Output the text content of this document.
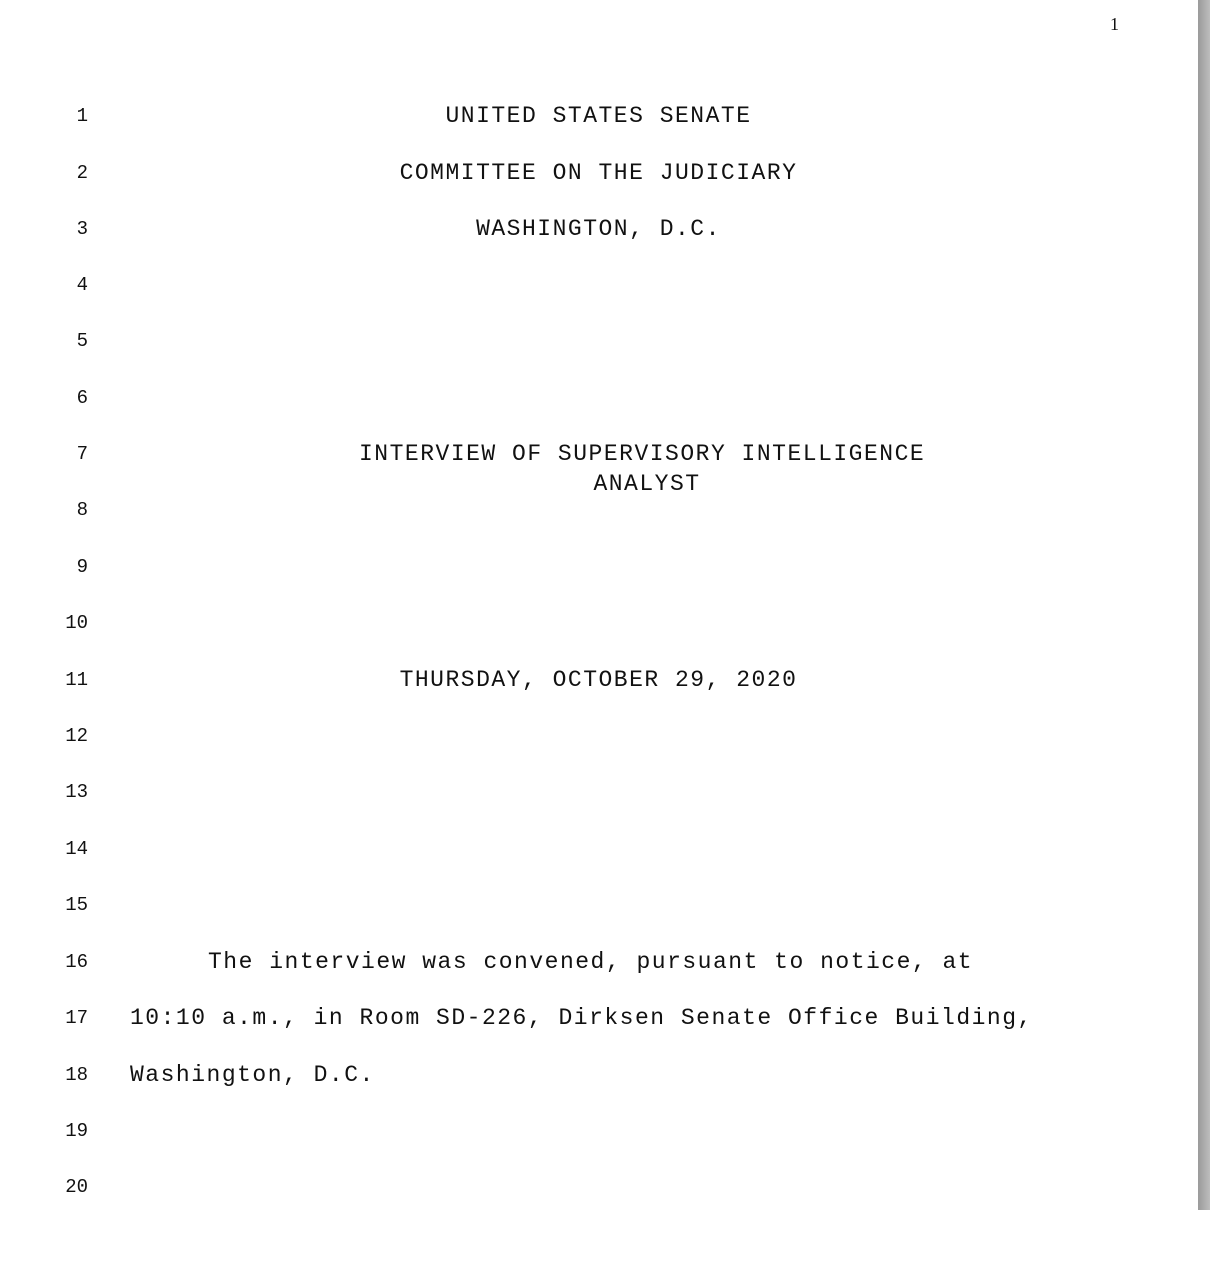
1

1

	UNITED STATES SENATE

2

	COMMITTEE ON THE JUDICIARY

3

	WASHINGTON, D.C.

4

5

6

7

	INTERVIEW OF SUPERVISORY INTELLIGENCE

ANALYST

8

9

10

11

	THURSDAY, OCTOBER 29, 2020

12

13

14

15

16

	The interview was convened, pursuant to notice, at

17

10:10 a.m., in Room SD-226, Dirksen Senate Office Building,

18

Washington, D.C.

19

20
